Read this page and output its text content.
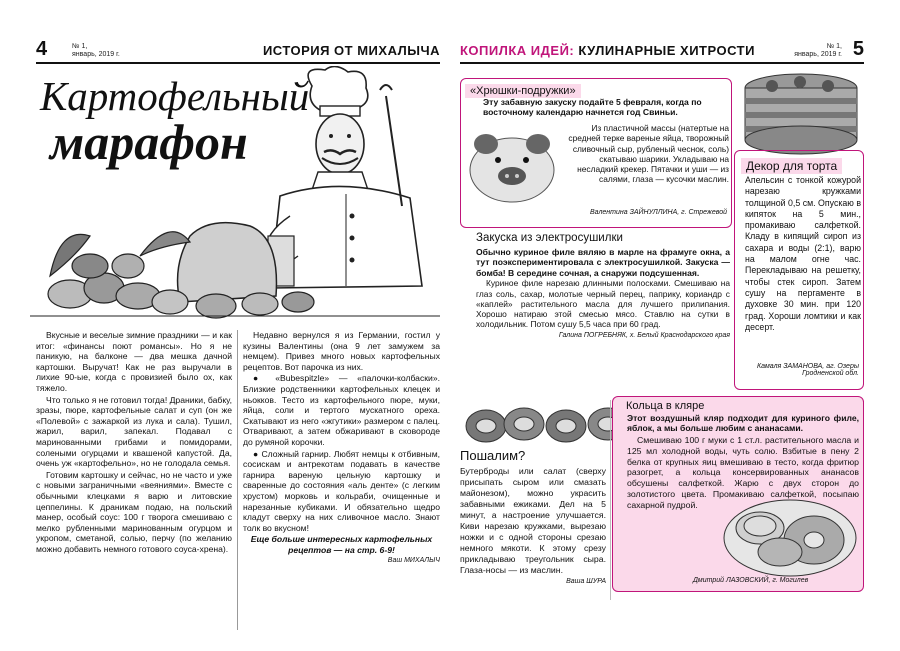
4	№ 1,
январь, 2019 г.	ИСТОРИЯ ОТ МИХАЛЫЧА
Картофельный
марафон

Вкусные и веселые зимние праздники — и как итог: «финансы поют романсы». Но я не паникую, на балконе — два мешка дачной картошки. Выручат! Как не раз выручали в лихие 90-ые, когда с провизией было ох, как тяжело.

Что только я не готовил тогда! Драники, бабку, зразы, пюре, картофельные салат и суп (он же «Полевой» с зажаркой из лука и сала). Тушил, жарил, варил, запекал. Подавал с маринованными грибами и помидорами, солеными огурцами и квашеной капустой. Да, очень уж «картофельно», но не голодала семья.

Готовим картошку и сейчас, но не часто и уже с новыми заграничными «веяниями». Вместе с обычными клецками я варю и литовские цеппелины. К драникам подаю, на польский манер, особый соус: 100 г творога смешиваю с мелко рубленными маринованным огурцом и укропом, сметаной, солью, перчу (по желанию можно добавить немного готового соуса-хрена).

Недавно вернулся я из Германии, гостил у кузины Валентины (она 9 лет замужем за немцем). Привез много новых картофельных рецептов. Вот парочка из них.

● «Bubespitzle» — «палочки-колбаски». Близкие родственники картофельных клецек и ньокков. Тесто из картофельного пюре, муки, яйца, соли и тертого мускатного ореха. Скатывают из него «жгутики» размером с палец. Отваривают, а затем обжаривают в сковороде до румяной корочки.

● Сложный гарнир. Любят немцы к отбивным, сосискам и антрекотам подавать в качестве гарнира вареную цельную картошку и сваренные до состояния «аль денте» (с легким хрустом) морковь и кольраби, очищенные и нарезанные кубиками. И обязательно щедро кладут сверху на них сливочное масло. Знают толк во вкусном!

Еще больше интересных картофельных рецептов — на стр. 6-9!

Ваш МИХАЛЫЧ
КОПИЛКА ИДЕЙ: КУЛИНАРНЫЕ ХИТРОСТИ	№ 1,
январь, 2019 г. 5
«Хрюшки-подружки»
Эту забавную закуску подайте 5 февраля, когда по восточному календарю начнется год Свиньи.
Из пластичной массы (натертые на средней терке вареные яйца, творожный сливочный сыр, рубленый чеснок, соль) скатываю шарики. Укладываю на несладкий крекер. Пятачки и уши — из салями, глаза — кусочки маслин.
Валентина ЗАЙНУЛЛИНА, г. Стрежевой
Декор для торта
Апельсин с тонкой кожурой нарезаю кружками толщиной 0,5 см. Опускаю в кипяток на 5 мин., промакиваю салфеткой. Кладу в кипящий сироп из сахара и воды (2:1), варю на малом огне час. Перекладываю на решетку, чтобы стек сироп. Затем сушу на пергаменте в духовке 30 мин. при 120 град. Хороши ломтики и как десерт.
Камаля ЗАМАНОВА, аг. Озеры Гродненской обл.
Закуска из электросушилки
Обычно куриное филе вяляю в марле на фрамуге окна, а тут поэкспериментировала с электросушилкой. Закуска — бомба! В середине сочная, а снаружи подсушенная.
Куриное филе нарезаю длинными полосками. Смешиваю на глаз соль, сахар, молотые черный перец, паприку, кориандр с «каплей» растительного масла для лучшего прилипания. Хорошо натираю этой смесью мясо. Ставлю на сутки в холодильник. Потом сушу 5,5 часа при 60 град.
Галина ПОГРЕБНЯК, х. Белый Краснодарского края
Пошалим?
Бутерброды или салат (сверху присыпать сыром или смазать майонезом), можно украсить забавными ежиками. Дел на 5 минут, а настроение улучшается. Киви нарезаю кружками, вырезаю ножки и с одной стороны срезаю немного мякоти. К этому срезу прикладываю треугольник сыра. Глаза-носы — из маслин.
Ваша ШУРА
Кольца в кляре
Этот воздушный кляр подходит для куриного филе, яблок, а мы больше любим с ананасами.
Смешиваю 100 г муки с 1 ст.л. растительного масла и 125 мл холодной воды, чуть солю. Взбитые в пену 2 белка от крупных яиц вмешиваю в тесто, когда фритюр разогрет, а кольца консервированных ананасов обсушены салфеткой. Жарю с двух сторон до золотистого цвета. Промакиваю салфеткой, посыпаю сахарной пудрой.
Дмитрий ЛАЗОВСКИЙ, г. Могилев
